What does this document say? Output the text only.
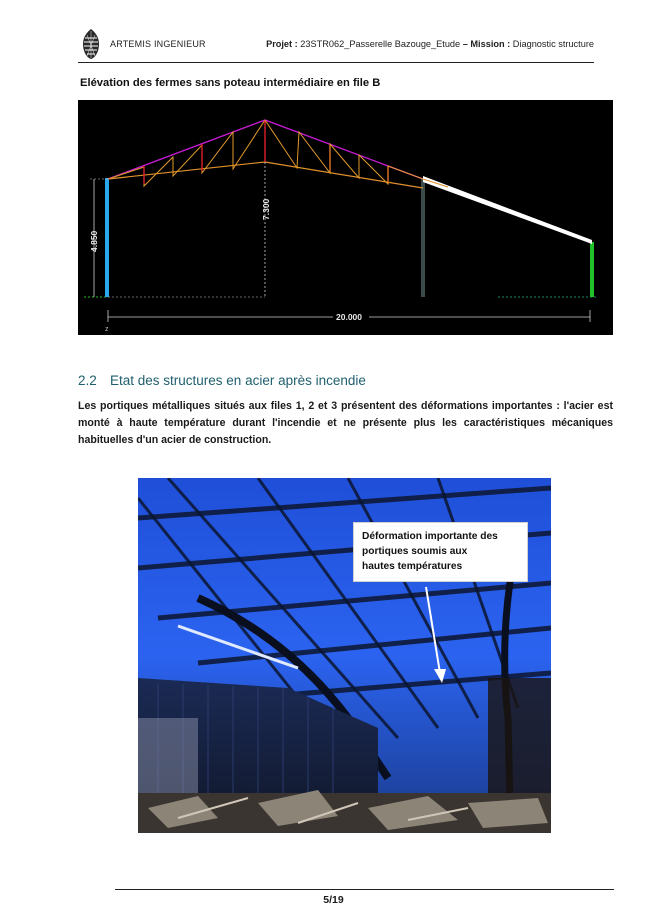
ARTEMIS INGENIEUR	Projet : 23STR062_Passerelle Bazouge_Etude – Mission : Diagnostic structure
Elévation des fermes sans poteau intermédiaire en file B
4.850
7.300
20.000
z
2.2 Etat des structures en acier après incendie
Les portiques métalliques situés aux files 1, 2 et 3 présentent des déformations importantes : l'acier est monté à haute température durant l'incendie et ne présente plus les caractéristiques mécaniques habituelles d'un acier de construction.
Déformation importante des
portiques soumis aux
hautes températures
5/19
